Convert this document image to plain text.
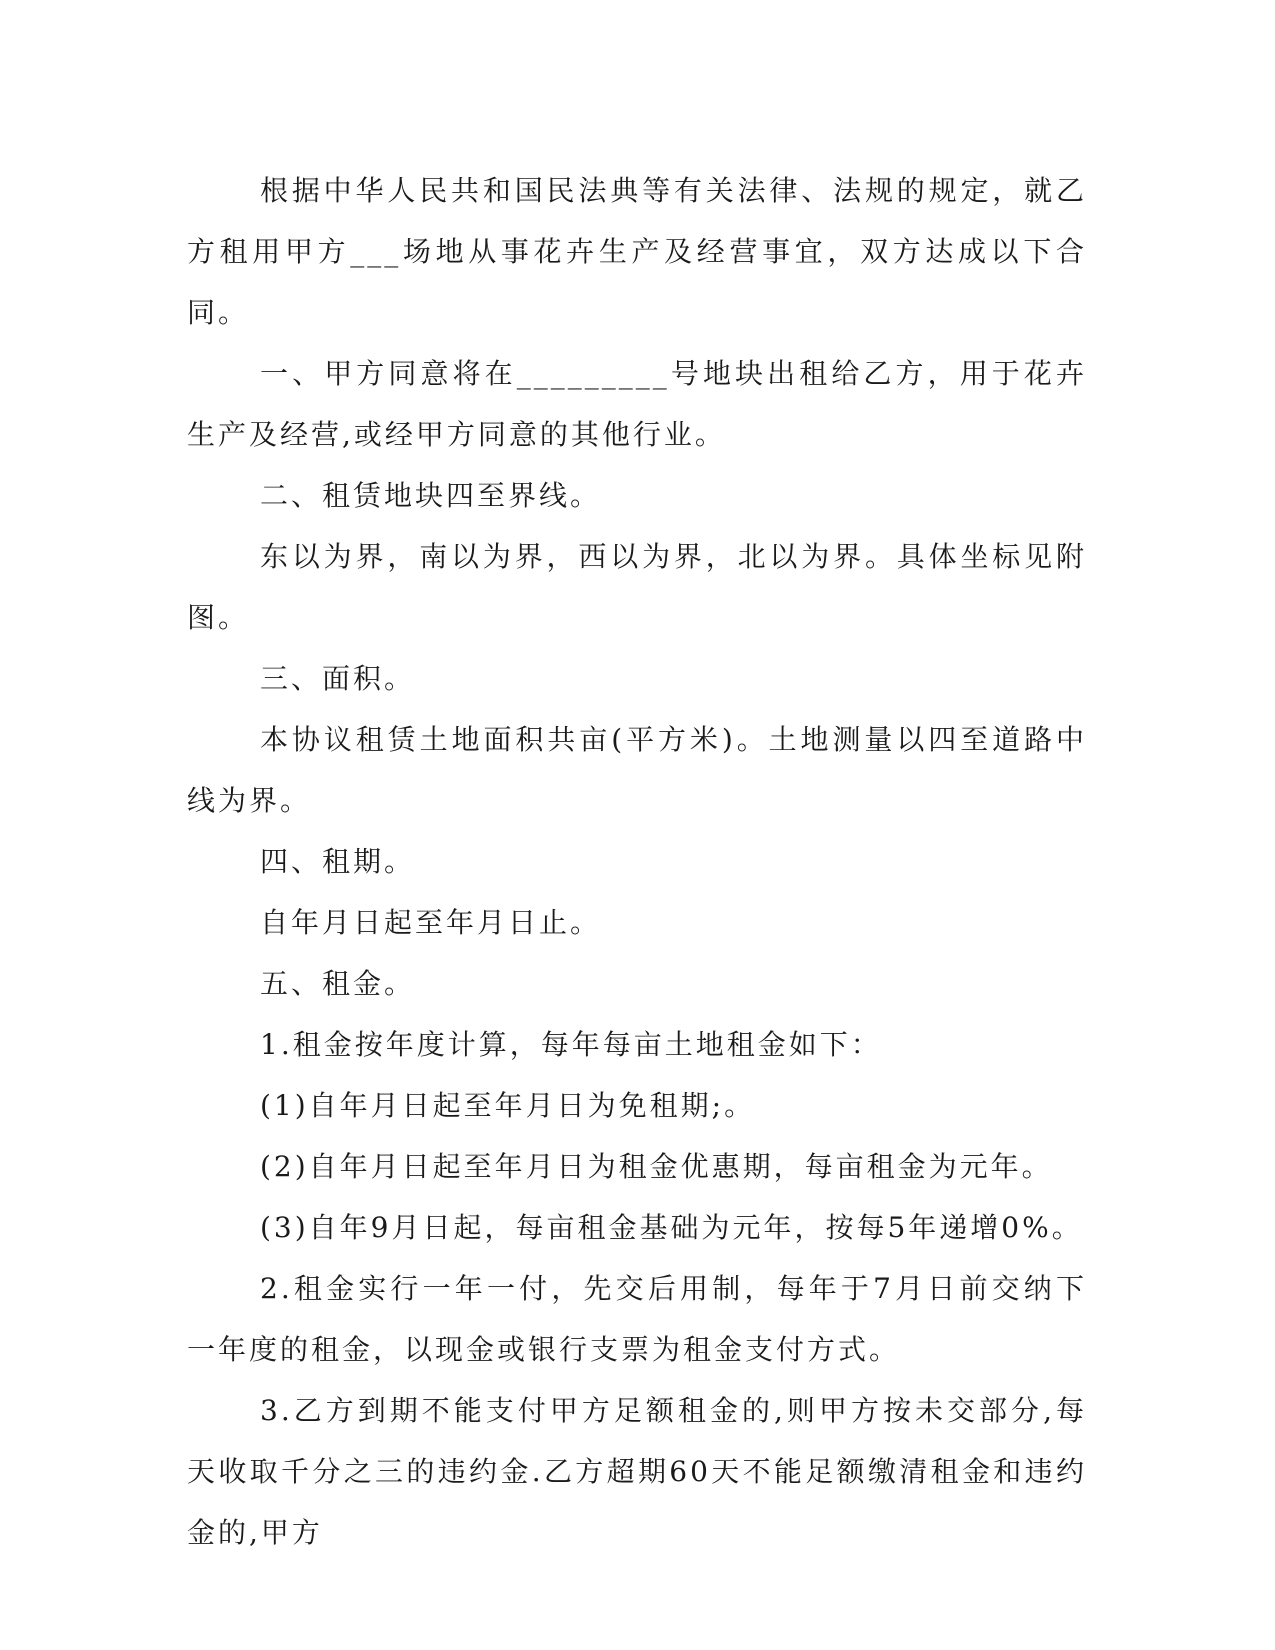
根据中华人民共和国民法典等有关法律、法规的规定，就乙方租用甲方___场地从事花卉生产及经营事宜，双方达成以下合同。

一、甲方同意将在_________号地块出租给乙方，用于花卉生产及经营,或经甲方同意的其他行业。

二、租赁地块四至界线。

东以为界，南以为界，西以为界，北以为界。具体坐标见附图。

三、面积。

本协议租赁土地面积共亩(平方米)。土地测量以四至道路中线为界。

四、租期。

自年月日起至年月日止。

五、租金。

1.租金按年度计算，每年每亩土地租金如下：

(1)自年月日起至年月日为免租期;。

(2)自年月日起至年月日为租金优惠期，每亩租金为元年。

(3)自年9月日起，每亩租金基础为元年，按每5年递增0%。

2.租金实行一年一付，先交后用制，每年于7月日前交纳下一年度的租金，以现金或银行支票为租金支付方式。

3.乙方到期不能支付甲方足额租金的,则甲方按未交部分,每天收取千分之三的违约金.乙方超期60天不能足额缴清租金和违约金的,甲方
